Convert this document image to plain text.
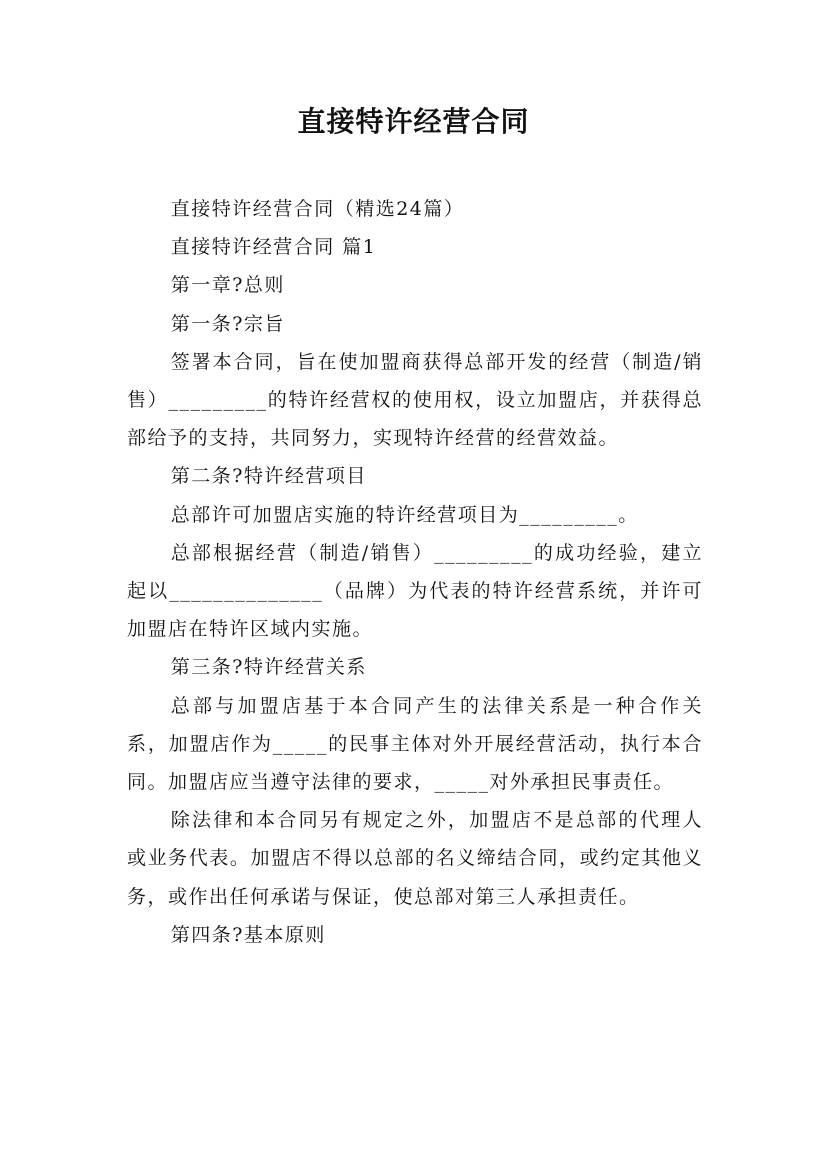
直接特许经营合同

直接特许经营合同（精选24篇）

直接特许经营合同 篇1

第一章?总则

第一条?宗旨

签署本合同，旨在使加盟商获得总部开发的经营（制造/销售）_________的特许经营权的使用权，设立加盟店，并获得总部给予的支持，共同努力，实现特许经营的经营效益。

第二条?特许经营项目

总部许可加盟店实施的特许经营项目为_________。

总部根据经营（制造/销售）_________的成功经验，建立起以______________（品牌）为代表的特许经营系统，并许可加盟店在特许区域内实施。

第三条?特许经营关系

总部与加盟店基于本合同产生的法律关系是一种合作关系，加盟店作为_____的民事主体对外开展经营活动，执行本合同。加盟店应当遵守法律的要求，_____对外承担民事责任。

除法律和本合同另有规定之外，加盟店不是总部的代理人或业务代表。加盟店不得以总部的名义缔结合同，或约定其他义务，或作出任何承诺与保证，使总部对第三人承担责任。

第四条?基本原则
